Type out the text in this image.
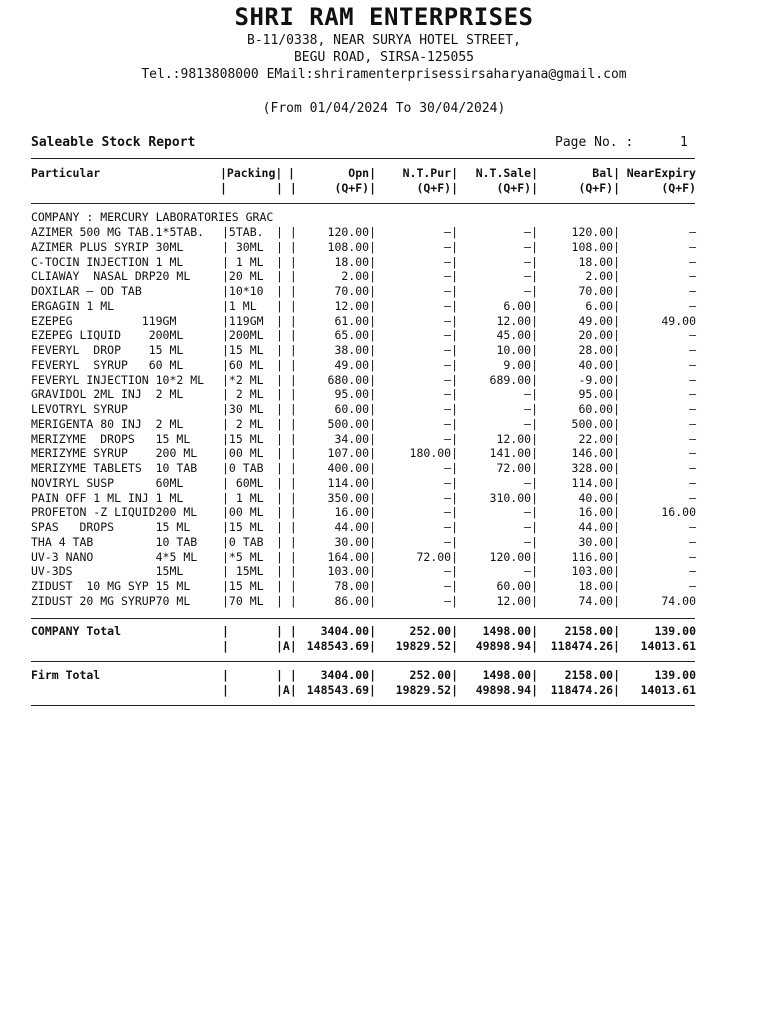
SHRI RAM ENTERPRISES
B-11/0338, NEAR SURYA HOTEL STREET,
BEGU ROAD, SIRSA-125055
Tel.:9813808000 EMail:shriramenterprisessirsaharyana@gmail.com
(From 01/04/2024 To 30/04/2024)
Saleable Stock Report	Page No. :	1
Particular	|Packing| |	Opn|	N.T.Pur|	N.T.Sale|	Bal| NearExpiry
|	| |	(Q+F)|	(Q+F)|	(Q+F)|	(Q+F)|	(Q+F)
COMPANY : MERCURY LABORATORIES GRAC
AZIMER 500 MG TAB.1*5TAB. |5TAB. | |	120.00|	—|	—|	120.00|	—
AZIMER PLUS SYRIP 30ML	| 30ML | |	108.00|	—|	—|	108.00|	—
C-TOCIN INJECTION 1 ML	| 1 ML | |	18.00|	—|	—|	18.00|	—
CLIAWAY  NASAL DRP20 ML	|20 ML | |	2.00|	—|	—|	2.00|	—
DOXILAR – OD TAB	|10*10 | |	70.00|	—|	—|	70.00|	—
ERGAGIN 1 ML	|1 ML | |	12.00|	—|	6.00|	6.00|	—
EZEPEG          119GM	|119GM | |	61.00|	—|	12.00|	49.00|	49.00
EZEPEG LIQUID    200ML	|200ML | |	65.00|	—|	45.00|	20.00|	—
FEVERYL  DROP    15 ML	|15 ML | |	38.00|	—|	10.00|	28.00|	—
FEVERYL  SYRUP   60 ML	|60 ML | |	49.00|	—|	9.00|	40.00|	—
FEVERYL INJECTION 10*2 ML |*2 ML | |	680.00|	—|	689.00|	-9.00|	—
GRAVIDOL 2ML INJ  2 ML	| 2 ML | |	95.00|	—|	—|	95.00|	—
LEVOTRYL SYRUP	|30 ML | |	60.00|	—|	—|	60.00|	—
MERIGENTA 80 INJ  2 ML	| 2 ML | |	500.00|	—|	—|	500.00|	—
MERIZYME  DROPS   15 ML	|15 ML | |	34.00|	—|	12.00|	22.00|	—
MERIZYME SYRUP    200 ML |00 ML | |	107.00|	180.00|	141.00|	146.00|	—
MERIZYME TABLETS  10 TAB |0 TAB | |	400.00|	—|	72.00|	328.00|	—
NOVIRYL SUSP      60ML	| 60ML | |	114.00|	—|	—|	114.00|	—
PAIN OFF 1 ML INJ 1 ML	| 1 ML | |	350.00|	—|	310.00|	40.00|	—
PROFETON -Z LIQUID200 ML |00 ML | |	16.00|	—|	—|	16.00|	16.00
SPAS   DROPS      15 ML	|15 ML | |	44.00|	—|	—|	44.00|	—
THA 4 TAB         10 TAB |0 TAB | |	30.00|	—|	—|	30.00|	—
UV-3 NANO         4*5 ML |*5 ML | |	164.00|	72.00|	120.00|	116.00|	—
UV-3DS            15ML	| 15ML | |	103.00|	—|	—|	103.00|	—
ZIDUST  10 MG SYP 15 ML	|15 ML | |	78.00|	—|	60.00|	18.00|	—
ZIDUST 20 MG SYRUP70 ML	|70 ML | |	86.00|	—|	12.00|	74.00|	74.00
COMPANY Total	|	| |	3404.00|	252.00|	1498.00|	2158.00|	139.00
|	|A| 148543.69|	19829.52|	49898.94|	118474.26|	14013.61
Firm Total	|	| |	3404.00|	252.00|	1498.00|	2158.00|	139.00
|	|A| 148543.69|	19829.52|	49898.94|	118474.26|	14013.61
